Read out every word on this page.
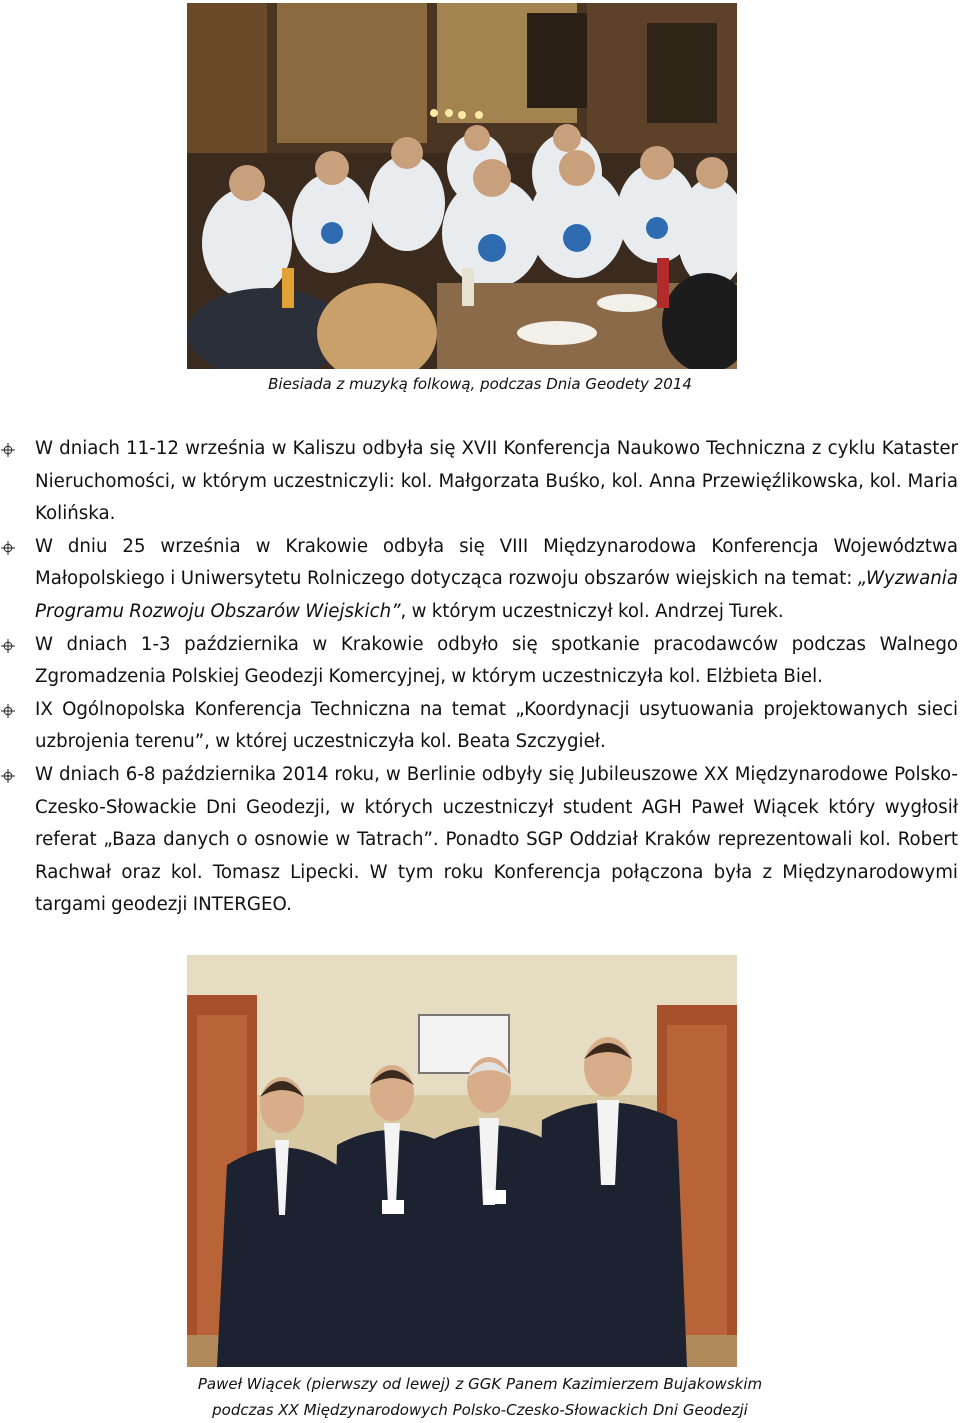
Biesiada z muzyką folkową, podczas Dnia Geodety 2014
W dniach 11-12 września w Kaliszu odbyła się XVII Konferencja Naukowo Techniczna z cyklu Kataster Nieruchomości, w którym uczestniczyli: kol. Małgorzata Buśko, kol. Anna Przewięźlikowska, kol. Maria Kolińska.
W dniu 25 września w Krakowie odbyła się VIII Międzynarodowa Konferencja Województwa Małopolskiego i Uniwersytetu Rolniczego dotycząca rozwoju obszarów wiejskich na temat: „Wyzwania Programu Rozwoju Obszarów Wiejskich”, w którym uczestniczył kol. Andrzej Turek.
W dniach 1-3 października w Krakowie odbyło się spotkanie pracodawców podczas Walnego Zgromadzenia Polskiej Geodezji Komercyjnej, w którym uczestniczyła kol. Elżbieta Biel.
IX Ogólnopolska Konferencja Techniczna na temat „Koordynacji usytuowania projektowanych sieci uzbrojenia terenu”, w której uczestniczyła kol. Beata Szczygieł.
W dniach 6-8 października 2014 roku, w Berlinie odbyły się Jubileuszowe XX Międzynarodowe Polsko-Czesko-Słowackie Dni Geodezji, w których uczestniczył student AGH Paweł Wiącek który wygłosił referat „Baza danych o osnowie w Tatrach”. Ponadto SGP Oddział Kraków reprezentowali kol. Robert Rachwał oraz kol. Tomasz Lipecki. W tym roku Konferencja połączona była z Międzynarodowymi targami geodezji INTERGEO.
Paweł Wiącek (pierwszy od lewej) z GGK Panem Kazimierzem Bujakowskim
podczas XX Międzynarodowych Polsko-Czesko-Słowackich Dni Geodezji
